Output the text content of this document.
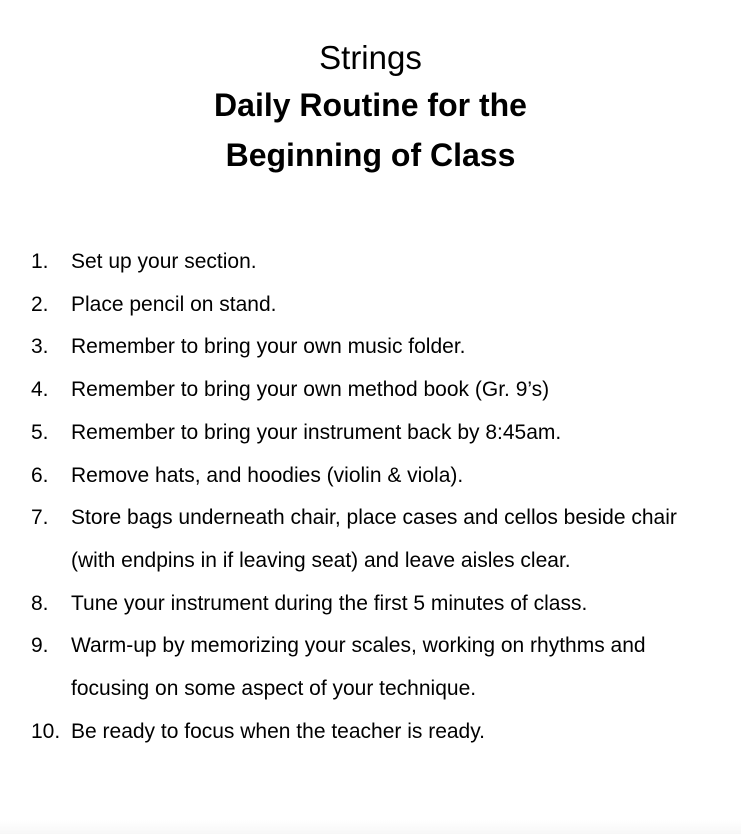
Strings
Daily Routine for the
Beginning of Class
1. Set up your section.
2. Place pencil on stand.
3. Remember to bring your own music folder.
4. Remember to bring your own method book (Gr. 9’s)
5. Remember to bring your instrument back by 8:45am.
6. Remove hats, and hoodies (violin & viola).
7. Store bags underneath chair, place cases and cellos beside chair (with endpins in if leaving seat) and leave aisles clear.
8. Tune your instrument during the first 5 minutes of class.
9. Warm-up by memorizing your scales, working on rhythms and focusing on some aspect of your technique.
10. Be ready to focus when the teacher is ready.
